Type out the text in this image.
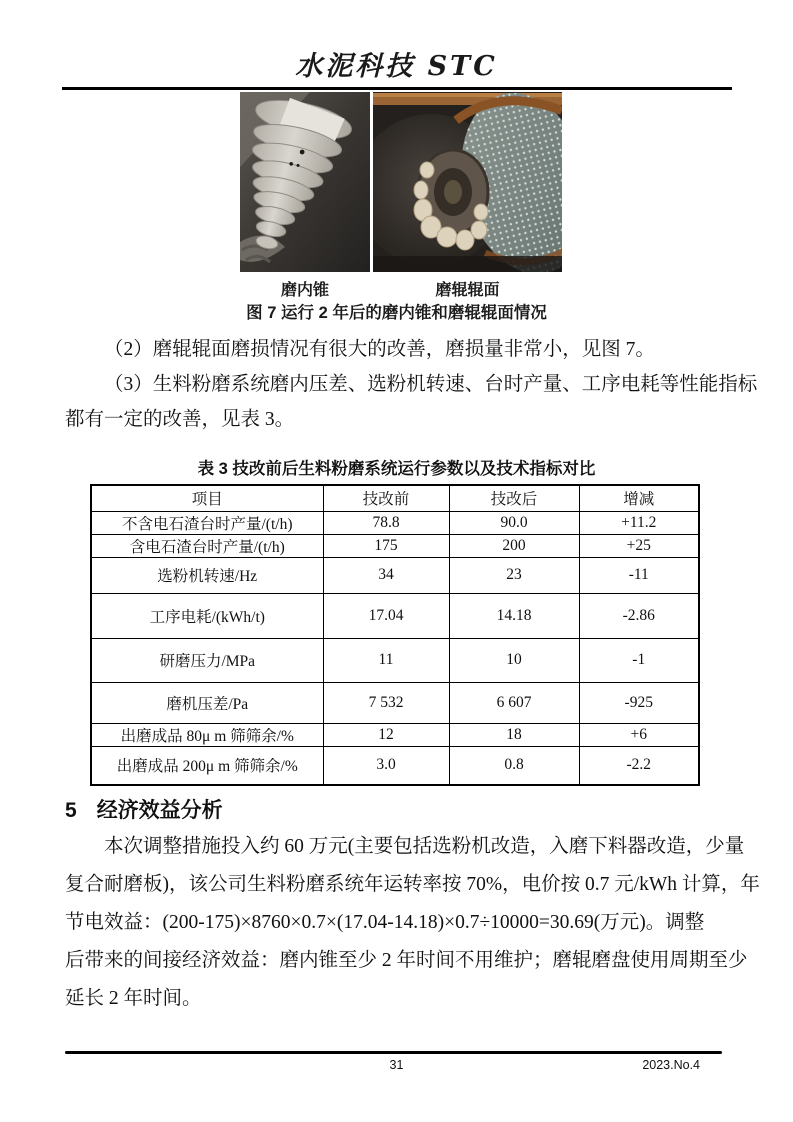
水泥科技 STC
磨内锥	磨辊辊面
图 7 运行 2 年后的磨内锥和磨辊辊面情况
（2）磨辊辊面磨损情况有很大的改善，磨损量非常小，见图 7。
（3）生料粉磨系统磨内压差、选粉机转速、台时产量、工序电耗等性能指标
都有一定的改善，见表 3。
表 3 技改前后生料粉磨系统运行参数以及技术指标对比
项目	技改前	技改后	增减
不含电石渣台时产量/(t/h)	78.8	90.0	+11.2
含电石渣台时产量/(t/h)	175	200	+25
选粉机转速/Hz	34	23	-11
工序电耗/(kWh/t)	17.04	14.18	-2.86
研磨压力/MPa	11	10	-1
磨机压差/Pa	7 532	6 607	-925
出磨成品 80μ m 筛筛余/%	12	18	+6
出磨成品 200μ m 筛筛余/%	3.0	0.8	-2.2
5 经济效益分析
本次调整措施投入约 60 万元(主要包括选粉机改造，入磨下料器改造，少量
复合耐磨板)，该公司生料粉磨系统年运转率按 70%，电价按 0.7 元/kWh 计算，年
节电效益：(200-175)×8760×0.7×(17.04-14.18)×0.7÷10000=30.69(万元)。调整
后带来的间接经济效益：磨内锥至少 2 年时间不用维护；磨辊磨盘使用周期至少
延长 2 年时间。
31	2023.No.4
